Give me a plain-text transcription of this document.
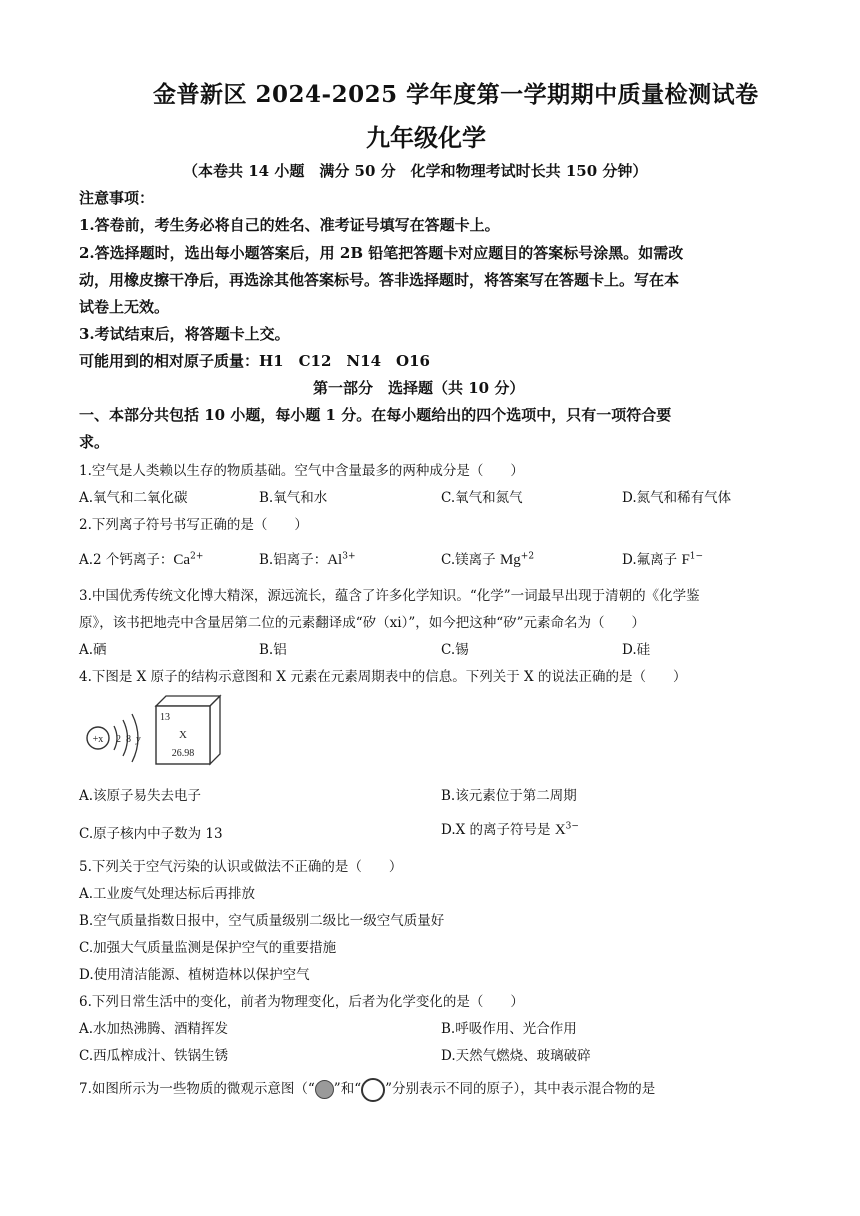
金普新区 2024-2025 学年度第一学期期中质量检测试卷
九年级化学
（本卷共 14 小题　满分 50 分　化学和物理考试时长共 150 分钟）
注意事项：
1.答卷前，考生务必将自己的姓名、准考证号填写在答题卡上。
2.答选择题时，选出每小题答案后，用 2B 铅笔把答题卡对应题目的答案标号涂黑。如需改
动，用橡皮擦干净后，再选涂其他答案标号。答非选择题时，将答案写在答题卡上。写在本
试卷上无效。
3.考试结束后，将答题卡上交。
可能用到的相对原子质量：H1　C12　N14　O16
第一部分　选择题（共 10 分）
一、本部分共包括 10 小题，每小题 1 分。在每小题给出的四个选项中，只有一项符合要
求。
1.空气是人类赖以生存的物质基础。空气中含量最多的两种成分是（　　）
A.氧气和二氧化碳	B.氧气和水	C.氧气和氮气	D.氮气和稀有气体
2.下列离子符号书写正确的是（　　）
A.2 个钙离子：$Ca^{2+}$	B.铝离子：$Al^{3+}$	C.镁离子 $Mg^{+2}$	D.氟离子 $F^{1-}$
3.中国优秀传统文化博大精深，源远流长，蕴含了许多化学知识。“化学”一词最早出现于清朝的《化学鉴
原》，该书把地壳中含量居第二位的元素翻译成“矽（xi）”，如今把这种“矽”元素命名为（　　）
A.硒	B.铝	C.锡	D.硅
4.下图是 X 原子的结构示意图和 X 元素在元素周期表中的信息。下列关于 X 的说法正确的是（　　）
+x 2 8 y
13
X
26.98
A.该原子易失去电子	B.该元素位于第二周期
C.原子核内中子数为 13	D.X 的离子符号是 $X^{3-}$
5.下列关于空气污染的认识或做法不正确的是（　　）
A.工业废气处理达标后再排放
B.空气质量指数日报中，空气质量级别二级比一级空气质量好
C.加强大气质量监测是保护空气的重要措施
D.使用清洁能源、植树造林以保护空气
6.下列日常生活中的变化，前者为物理变化，后者为化学变化的是（　　）
A.水加热沸腾、酒精挥发	B.呼吸作用、光合作用
C.西瓜榨成汁、铁锅生锈	D.天然气燃烧、玻璃破碎
7.如图所示为一些物质的微观示意图（“ ”和“ ”分别表示不同的原子），其中表示混合物的是
